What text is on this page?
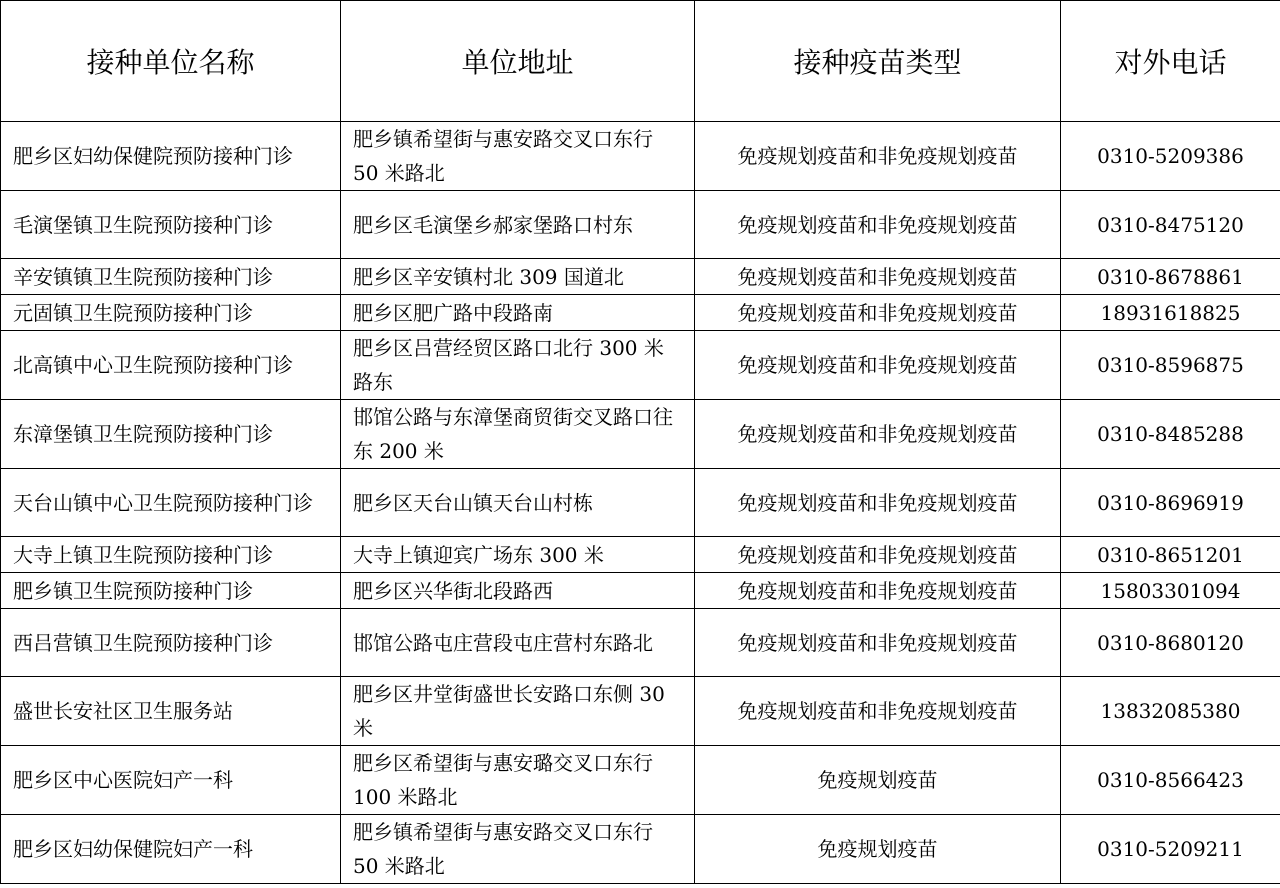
接种单位名称	单位地址	接种疫苗类型	对外电话
肥乡区妇幼保健院预防接种门诊	肥乡镇希望街与惠安路交叉口东行 50 米路北	免疫规划疫苗和非免疫规划疫苗	0310-5209386
毛演堡镇卫生院预防接种门诊	肥乡区毛演堡乡郝家堡路口村东	免疫规划疫苗和非免疫规划疫苗	0310-8475120
辛安镇镇卫生院预防接种门诊	肥乡区辛安镇村北 309 国道北	免疫规划疫苗和非免疫规划疫苗	0310-8678861
元固镇卫生院预防接种门诊	肥乡区肥广路中段路南	免疫规划疫苗和非免疫规划疫苗	18931618825
北高镇中心卫生院预防接种门诊	肥乡区吕营经贸区路口北行 300 米路东	免疫规划疫苗和非免疫规划疫苗	0310-8596875
东漳堡镇卫生院预防接种门诊	邯馆公路与东漳堡商贸街交叉路口往东 200 米	免疫规划疫苗和非免疫规划疫苗	0310-8485288
天台山镇中心卫生院预防接种门诊	肥乡区天台山镇天台山村栋	免疫规划疫苗和非免疫规划疫苗	0310-8696919
大寺上镇卫生院预防接种门诊	大寺上镇迎宾广场东 300 米	免疫规划疫苗和非免疫规划疫苗	0310-8651201
肥乡镇卫生院预防接种门诊	肥乡区兴华街北段路西	免疫规划疫苗和非免疫规划疫苗	15803301094
西吕营镇卫生院预防接种门诊	邯馆公路屯庄营段屯庄营村东路北	免疫规划疫苗和非免疫规划疫苗	0310-8680120
盛世长安社区卫生服务站	肥乡区井堂街盛世长安路口东侧 30 米	免疫规划疫苗和非免疫规划疫苗	13832085380
肥乡区中心医院妇产一科	肥乡区希望街与惠安璐交叉口东行 100 米路北	免疫规划疫苗	0310-8566423
肥乡区妇幼保健院妇产一科	肥乡镇希望街与惠安路交叉口东行 50 米路北	免疫规划疫苗	0310-5209211
